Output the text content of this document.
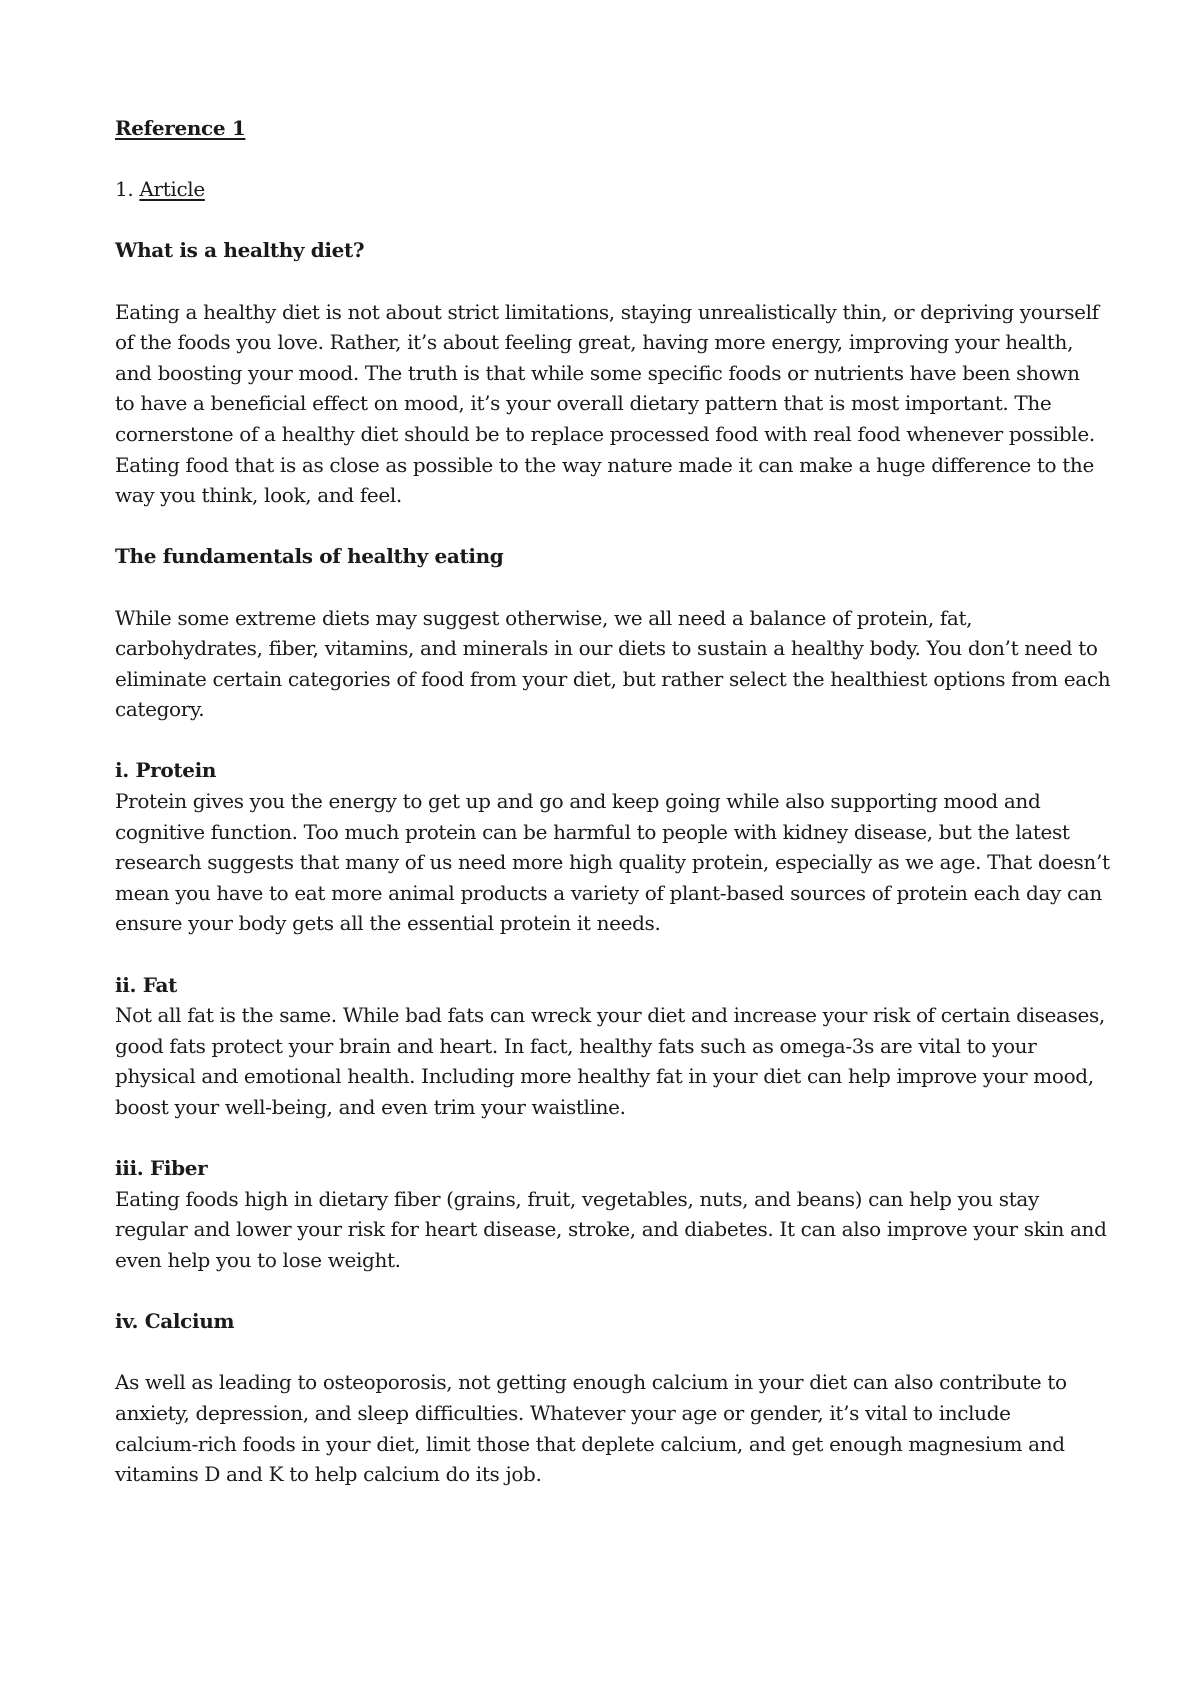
Reference 1

1. Article

What is a healthy diet?

Eating a healthy diet is not about strict limitations, staying unrealistically thin, or depriving yourself

of the foods you love. Rather, it’s about feeling great, having more energy, improving your health,

and boosting your mood. The truth is that while some specific foods or nutrients have been shown

to have a beneficial effect on mood, it’s your overall dietary pattern that is most important. The

cornerstone of a healthy diet should be to replace processed food with real food whenever possible.

Eating food that is as close as possible to the way nature made it can make a huge difference to the

way you think, look, and feel.

The fundamentals of healthy eating

While some extreme diets may suggest otherwise, we all need a balance of protein, fat,

carbohydrates, fiber, vitamins, and minerals in our diets to sustain a healthy body. You don’t need to

eliminate certain categories of food from your diet, but rather select the healthiest options from each

category.

i. Protein

Protein gives you the energy to get up and go and keep going while also supporting mood and

cognitive function. Too much protein can be harmful to people with kidney disease, but the latest

research suggests that many of us need more high quality protein, especially as we age. That doesn’t

mean you have to eat more animal products a variety of plant-based sources of protein each day can

ensure your body gets all the essential protein it needs.

ii. Fat

Not all fat is the same. While bad fats can wreck your diet and increase your risk of certain diseases,

good fats protect your brain and heart. In fact, healthy fats such as omega-3s are vital to your

physical and emotional health. Including more healthy fat in your diet can help improve your mood,

boost your well-being, and even trim your waistline.

iii. Fiber

Eating foods high in dietary fiber (grains, fruit, vegetables, nuts, and beans) can help you stay

regular and lower your risk for heart disease, stroke, and diabetes. It can also improve your skin and

even help you to lose weight.

iv. Calcium

As well as leading to osteoporosis, not getting enough calcium in your diet can also contribute to

anxiety, depression, and sleep difficulties. Whatever your age or gender, it’s vital to include

calcium-rich foods in your diet, limit those that deplete calcium, and get enough magnesium and

vitamins D and K to help calcium do its job.
